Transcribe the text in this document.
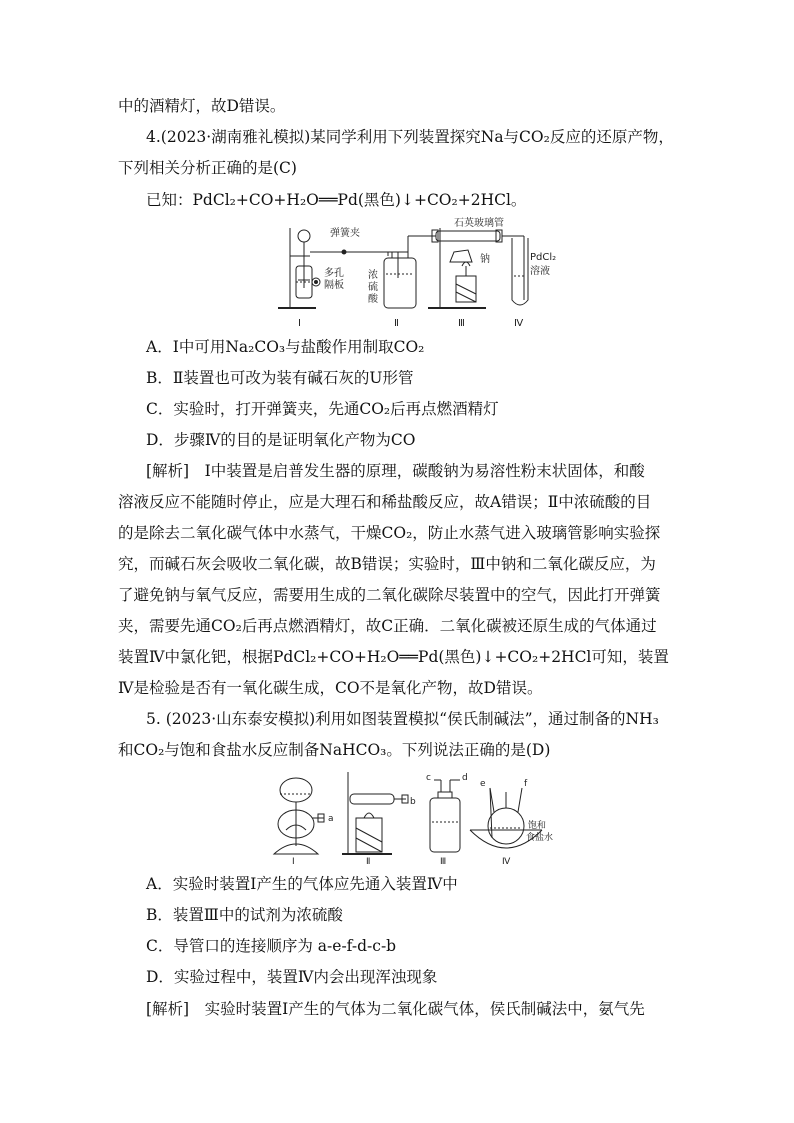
中的酒精灯，故D错误。
4.(2023·湖南雅礼模拟)某同学利用下列装置探究Na与CO₂反应的还原产物，
下列相关分析正确的是(C)
已知：PdCl₂+CO+H₂O══Pd(黑色)↓+CO₂+2HCl。
多孔
隔板
Ⅰ
弹簧夹
浓
硫
酸
Ⅱ
石英玻璃管
钠
Ⅲ
PdCl₂
溶液
Ⅳ
A．Ⅰ中可用Na₂CO₃与盐酸作用制取CO₂
B．Ⅱ装置也可改为装有碱石灰的U形管
C．实验时，打开弹簧夹，先通CO₂后再点燃酒精灯
D．步骤Ⅳ的目的是证明氧化产物为CO
[解析]　Ⅰ中装置是启普发生器的原理，碳酸钠为易溶性粉末状固体，和酸
溶液反应不能随时停止，应是大理石和稀盐酸反应，故A错误；Ⅱ中浓硫酸的目
的是除去二氧化碳气体中水蒸气，干燥CO₂，防止水蒸气进入玻璃管影响实验探
究，而碱石灰会吸收二氧化碳，故B错误；实验时，Ⅲ中钠和二氧化碳反应，为
了避免钠与氧气反应，需要用生成的二氧化碳除尽装置中的空气，因此打开弹簧
夹，需要先通CO₂后再点燃酒精灯，故C正确．二氧化碳被还原生成的气体通过
装置Ⅳ中氯化钯，根据PdCl₂+CO+H₂O══Pd(黑色)↓+CO₂+2HCl可知，装置
Ⅳ是检验是否有一氧化碳生成，CO不是氧化产物，故D错误。
5. (2023·山东泰安模拟)利用如图装置模拟“侯氏制碱法”，通过制备的NH₃
和CO₂与饱和食盐水反应制备NaHCO₃。下列说法正确的是(D)
a
Ⅰ
b
Ⅱ
c	d
Ⅲ
e	f
饱和
食盐水
Ⅳ
A．实验时装置Ⅰ产生的气体应先通入装置Ⅳ中
B．装置Ⅲ中的试剂为浓硫酸
C．导管口的连接顺序为 a-e-f-d-c-b
D．实验过程中，装置Ⅳ内会出现浑浊现象
[解析]　实验时装置Ⅰ产生的气体为二氧化碳气体，侯氏制碱法中，氨气先
